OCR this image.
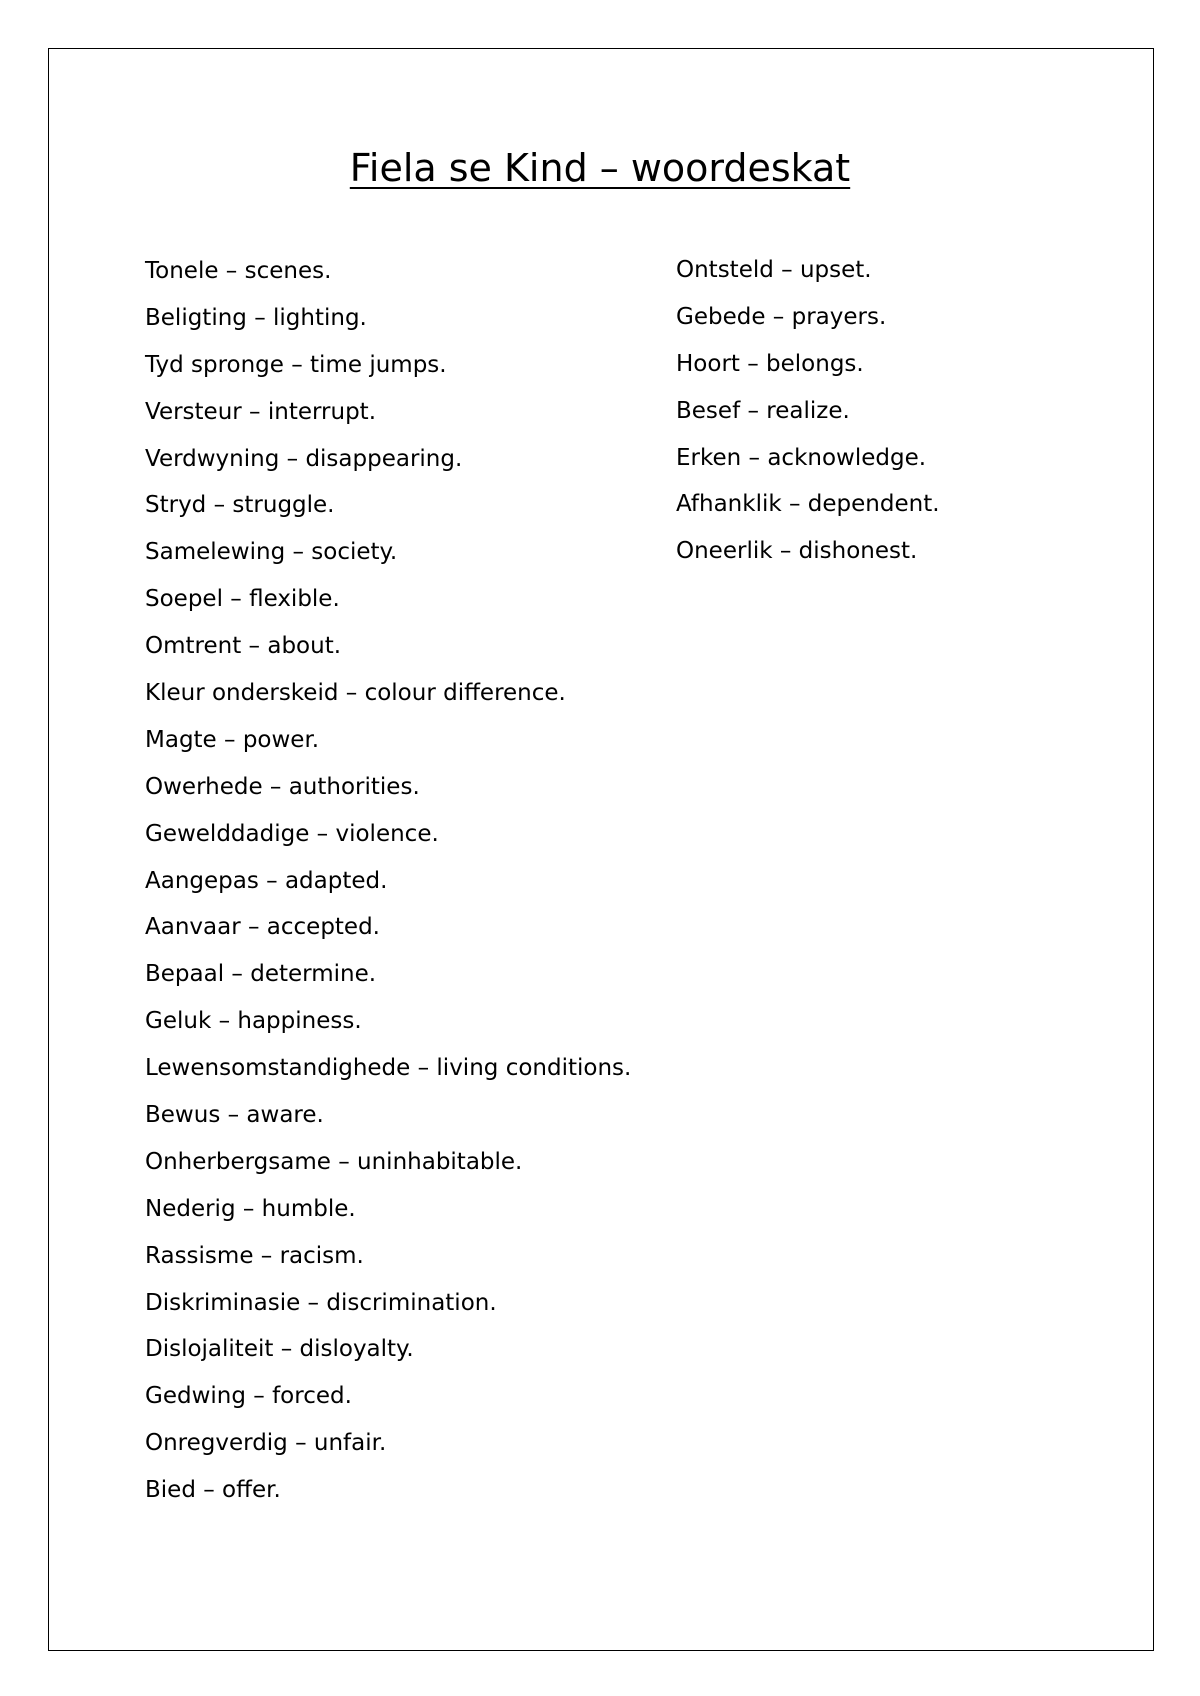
Fiela se Kind – woordeskat
Tonele – scenes.
Beligting – lighting.
Tyd spronge – time jumps.
Versteur – interrupt.
Verdwyning – disappearing.
Stryd – struggle.
Samelewing – society.
Soepel – flexible.
Omtrent – about.
Kleur onderskeid – colour difference.
Magte – power.
Owerhede – authorities.
Gewelddadige – violence.
Aangepas – adapted.
Aanvaar – accepted.
Bepaal – determine.
Geluk – happiness.
Lewensomstandighede – living conditions.
Bewus – aware.
Onherbergsame – uninhabitable.
Nederig – humble.
Rassisme – racism.
Diskriminasie – discrimination.
Dislojaliteit – disloyalty.
Gedwing – forced.
Onregverdig – unfair.
Bied – offer.
Ontsteld – upset.
Gebede – prayers.
Hoort – belongs.
Besef – realize.
Erken – acknowledge.
Afhanklik – dependent.
Oneerlik – dishonest.
